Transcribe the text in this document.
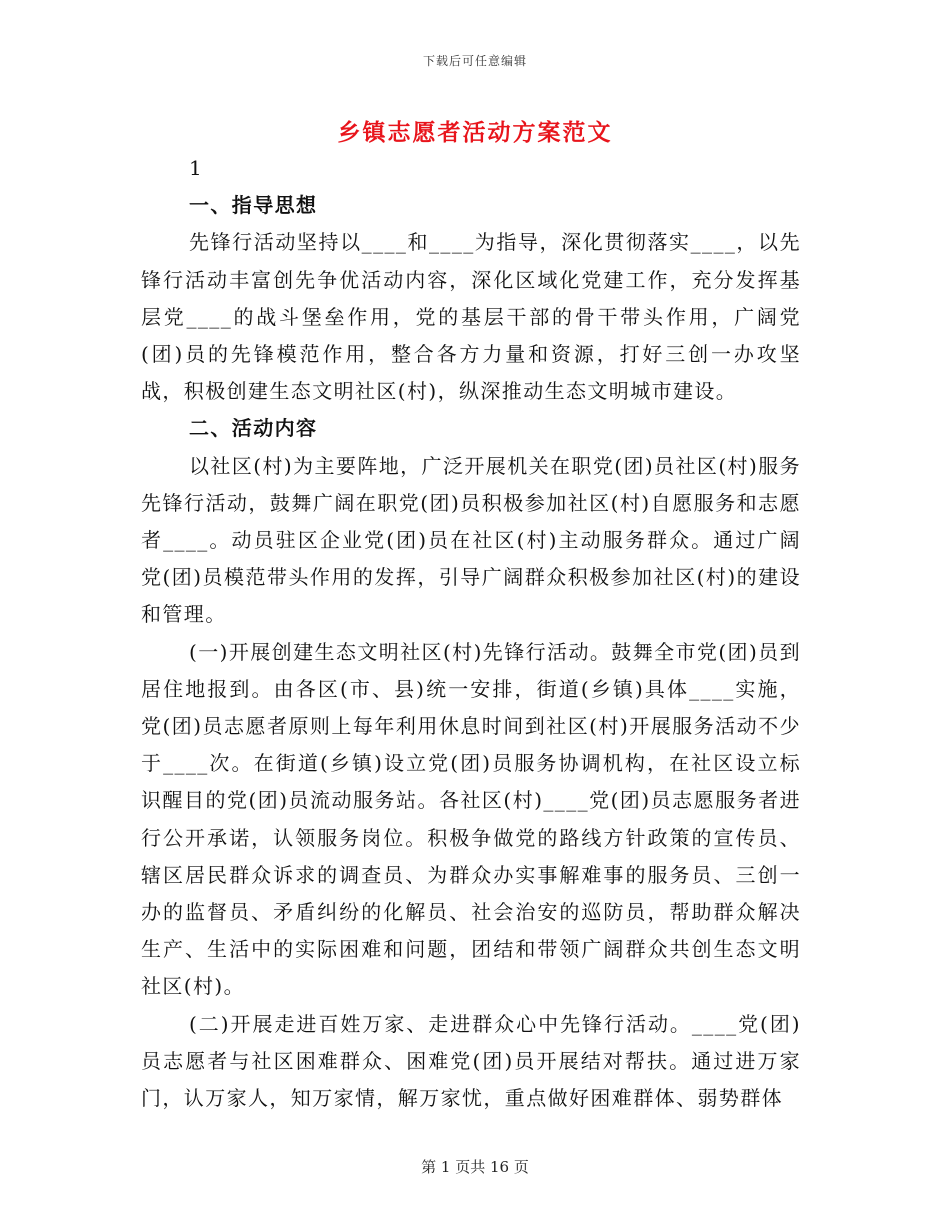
下载后可任意编辑
乡镇志愿者活动方案范文

1

一、指导思想

先锋行活动坚持以____和____为指导，深化贯彻落实____，以先锋行活动丰富创先争优活动内容，深化区域化党建工作，充分发挥基层党____的战斗堡垒作用，党的基层干部的骨干带头作用，广阔党(团)员的先锋模范作用，整合各方力量和资源，打好三创一办攻坚战，积极创建生态文明社区(村)，纵深推动生态文明城市建设。

二、活动内容

以社区(村)为主要阵地，广泛开展机关在职党(团)员社区(村)服务先锋行活动，鼓舞广阔在职党(团)员积极参加社区(村)自愿服务和志愿者____。动员驻区企业党(团)员在社区(村)主动服务群众。通过广阔党(团)员模范带头作用的发挥，引导广阔群众积极参加社区(村)的建设和管理。

(一)开展创建生态文明社区(村)先锋行活动。鼓舞全市党(团)员到居住地报到。由各区(市、县)统一安排，街道(乡镇)具体____实施，党(团)员志愿者原则上每年利用休息时间到社区(村)开展服务活动不少于____次。在街道(乡镇)设立党(团)员服务协调机构，在社区设立标识醒目的党(团)员流动服务站。各社区(村)____党(团)员志愿服务者进行公开承诺，认领服务岗位。积极争做党的路线方针政策的宣传员、辖区居民群众诉求的调查员、为群众办实事解难事的服务员、三创一办的监督员、矛盾纠纷的化解员、社会治安的巡防员，帮助群众解决生产、生活中的实际困难和问题，团结和带领广阔群众共创生态文明社区(村)。

(二)开展走进百姓万家、走进群众心中先锋行活动。____党(团)员志愿者与社区困难群众、困难党(团)员开展结对帮扶。通过进万家门，认万家人，知万家情，解万家忧，重点做好困难群体、弱势群体

第 1 页共 16 页
